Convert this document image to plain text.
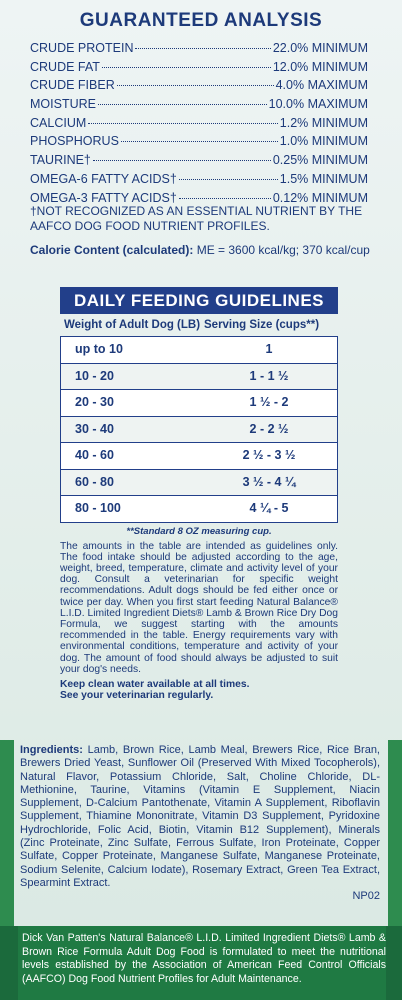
GUARANTEED ANALYSIS
CRUDE PROTEIN	22.0% MINIMUM
CRUDE FAT	12.0% MINIMUM
CRUDE FIBER	4.0% MAXIMUM
MOISTURE	10.0% MAXIMUM
CALCIUM	1.2% MINIMUM
PHOSPHORUS	1.0% MINIMUM
TAURINE†	0.25% MINIMUM
OMEGA-6 FATTY ACIDS†	1.5% MINIMUM
OMEGA-3 FATTY ACIDS†	0.12% MINIMUM
†NOT RECOGNIZED AS AN ESSENTIAL NUTRIENT BY THE AAFCO DOG FOOD NUTRIENT PROFILES.
Calorie Content (calculated): ME = 3600 kcal/kg; 370 kcal/cup
DAILY FEEDING GUIDELINES
Weight of Adult Dog (LB) Serving Size (cups**)
up to 10	1
10 - 20	1 - 1 ½
20 - 30	1 ½ - 2
30 - 40	2 - 2 ½
40 - 60	2 ½ - 3 ½
60 - 80	3 ½ - 4 ¼
80 - 100	4 ¼ - 5
**Standard 8 OZ measuring cup.
The amounts in the table are intended as guidelines only. The food intake should be adjusted according to the age, weight, breed, temperature, climate and activity level of your dog. Consult a veterinarian for specific weight recommendations. Adult dogs should be fed either once or twice per day. When you first start feeding Natural Balance® L.I.D. Limited Ingredient Diets® Lamb & Brown Rice Dry Dog Formula, we suggest starting with the amounts recommended in the table. Energy requirements vary with environmental conditions, temperature and activity of your dog. The amount of food should always be adjusted to suit your dog's needs.
Keep clean water available at all times.
See your veterinarian regularly.
Ingredients: Lamb, Brown Rice, Lamb Meal, Brewers Rice, Rice Bran, Brewers Dried Yeast, Sunflower Oil (Preserved With Mixed Tocopherols), Natural Flavor, Potassium Chloride, Salt, Choline Chloride, DL-Methionine, Taurine, Vitamins (Vitamin E Supplement, Niacin Supplement, D-Calcium Pantothenate, Vitamin A Supplement, Riboflavin Supplement, Thiamine Mononitrate, Vitamin D3 Supplement, Pyridoxine Hydrochloride, Folic Acid, Biotin, Vitamin B12 Supplement), Minerals (Zinc Proteinate, Zinc Sulfate, Ferrous Sulfate, Iron Proteinate, Copper Sulfate, Copper Proteinate, Manganese Sulfate, Manganese Proteinate, Sodium Selenite, Calcium Iodate), Rosemary Extract, Green Tea Extract, Spearmint Extract.
NP02
Dick Van Patten's Natural Balance® L.I.D. Limited Ingredient Diets® Lamb & Brown Rice Formula Adult Dog Food is formulated to meet the nutritional levels established by the Association of American Feed Control Officials (AAFCO) Dog Food Nutrient Profiles for Adult Maintenance.
